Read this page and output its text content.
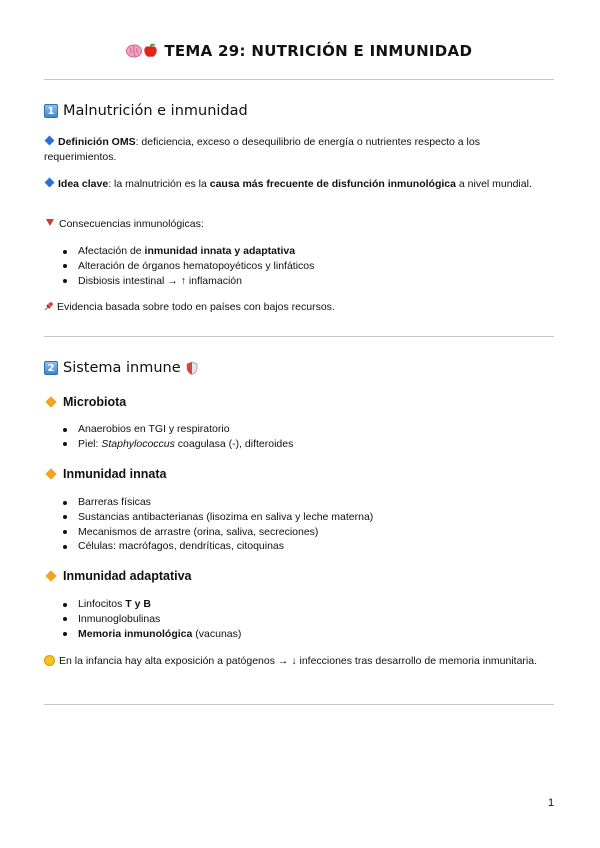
TEMA 29: NUTRICIÓN E INMUNIDAD
1 Malnutrición e inmunidad
Definición OMS: deficiencia, exceso o desequilibrio de energía o nutrientes respecto a los requerimientos.
Idea clave: la malnutrición es la causa más frecuente de disfunción inmunológica a nivel mundial.
Consecuencias inmunológicas:
Afectación de inmunidad innata y adaptativa
Alteración de órganos hematopoyéticos y linfáticos
Disbiosis intestinal → ↑ inflamación
Evidencia basada sobre todo en países con bajos recursos.
2 Sistema inmune
Microbiota
Anaerobios en TGI y respiratorio
Piel: Staphylococcus coagulasa (-), difteroides
Inmunidad innata
Barreras físicas
Sustancias antibacterianas (lisozima en saliva y leche materna)
Mecanismos de arrastre (orina, saliva, secreciones)
Células: macrófagos, dendríticas, citoquinas
Inmunidad adaptativa
Linfocitos T y B
Inmunoglobulinas
Memoria inmunológica (vacunas)
En la infancia hay alta exposición a patógenos → ↓ infecciones tras desarrollo de memoria inmunitaria.
1
